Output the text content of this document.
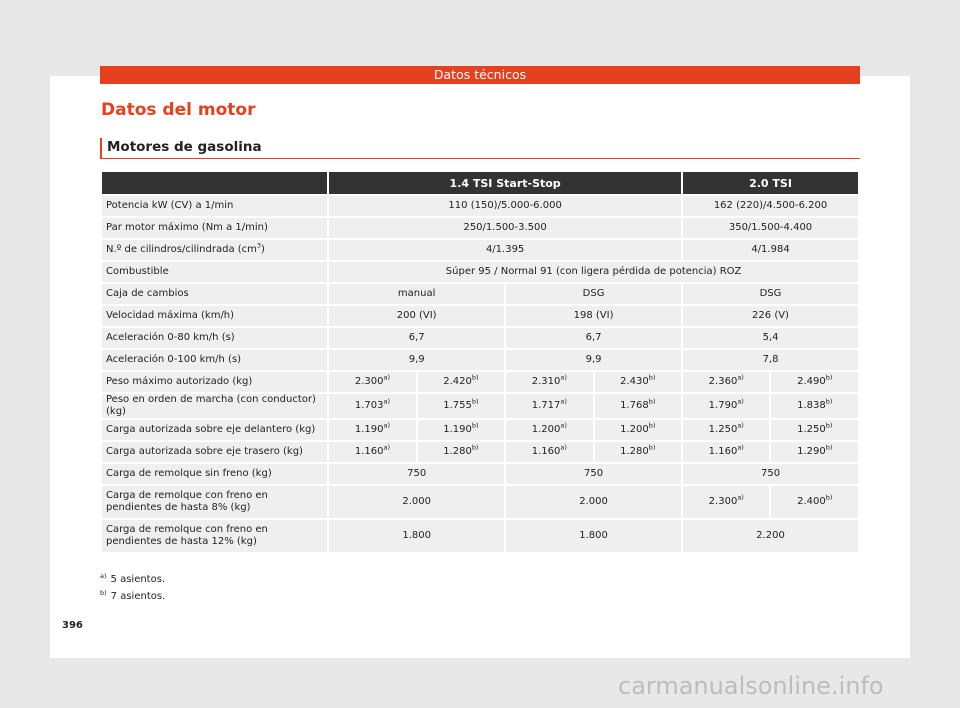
Datos técnicos
Datos del motor
Motores de gasolina
	1.4 TSI Start-Stop				2.0 TSI	
Potencia kW (CV) a 1/min	110 (150)/5.000-6.000				162 (220)/4.500-6.200	
Par motor máximo (Nm a 1/min)	250/1.500-3.500				350/1.500-4.400	
N.º de cilindros/cilindrada $(cm^3)$	4/1.395				4/1.984	
Combustible	Súper 95 / Normal 91 (con ligera pérdida de potencia) ROZ					
Caja de cambios	manual		DSG		DSG	
Velocidad máxima (km/h)	200 (VI)		198 (VI)		226 (V)	
Aceleración 0-80 km/h (s)	6,7		6,7		5,4	
Aceleración 0-100 km/h (s)	9,9		9,9		7,8	
Peso máximo autorizado (kg)	2.300$^{a)}$	2.420$^{b)}$	2.310$^{a)}$	2.430$^{b)}$	2.360$^{a)}$	2.490$^{b)}$
Peso en orden de marcha (con conductor) (kg)	1.703$^{a)}$	1.755$^{b)}$	1.717$^{a)}$	1.768$^{b)}$	1.790$^{a)}$	1.838$^{b)}$
Carga autorizada sobre eje delantero (kg)	1.190$^{a)}$	1.190$^{b)}$	1.200$^{a)}$	1.200$^{b)}$	1.250$^{a)}$	1.250$^{b)}$
Carga autorizada sobre eje trasero (kg)	1.160$^{a)}$	1.280$^{b)}$	1.160$^{a)}$	1.280$^{b)}$	1.160$^{a)}$	1.290$^{b)}$
Carga de remolque sin freno (kg)	750		750		750	
Carga de remolque con freno en pendientes de hasta 8% (kg)	2.000		2.000		2.300$^{a)}$	2.400$^{b)}$
Carga de remolque con freno en pendientes de hasta 12% (kg)	1.800		1.800		2.200	
$^{a)}$ 5 asientos.
$^{b)}$ 7 asientos.
396
carmanualsonline.info
